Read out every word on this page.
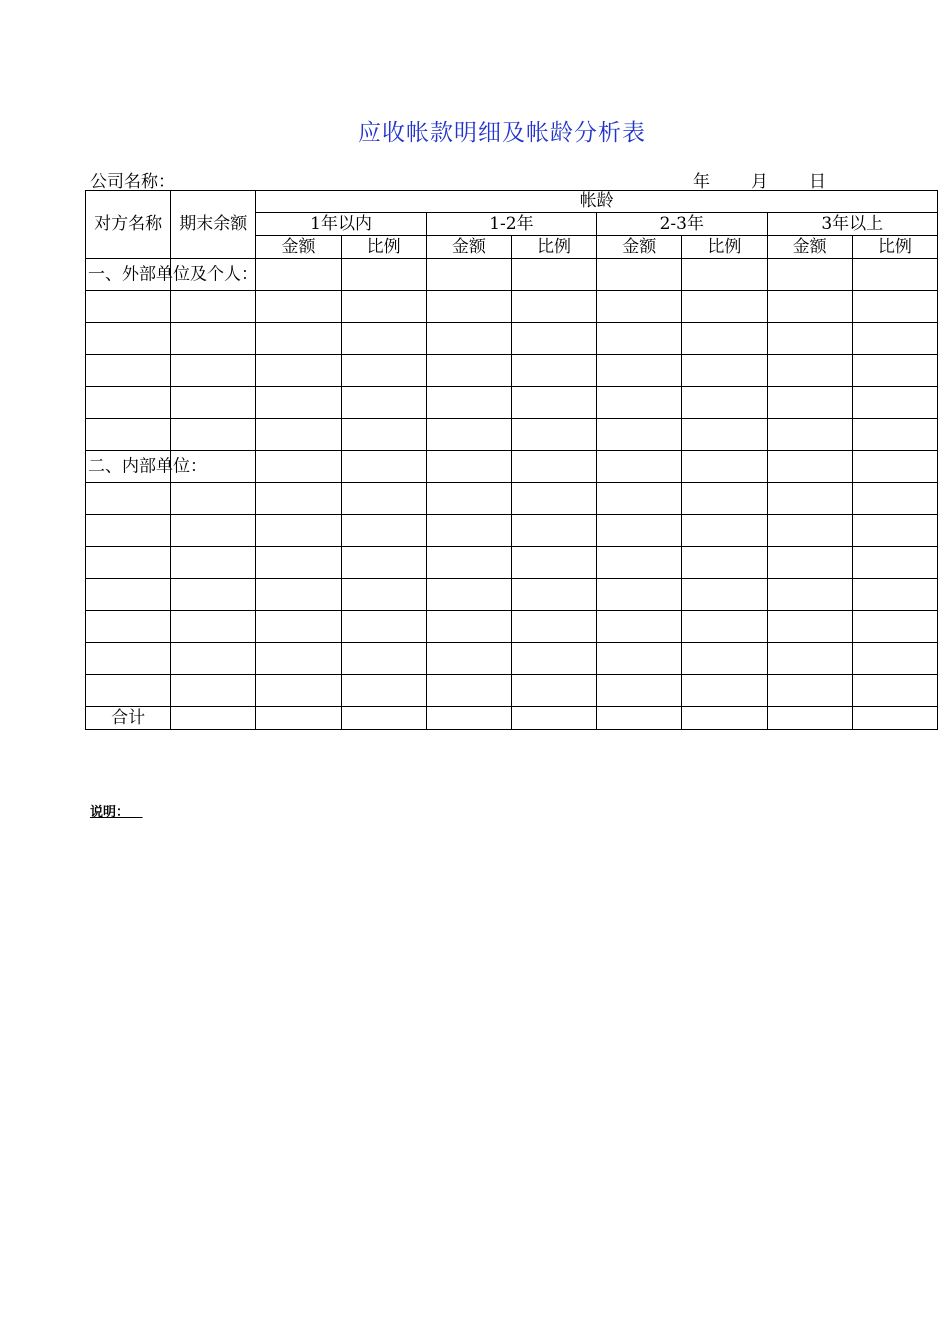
应收帐款明细及帐龄分析表
公司名称：	年 月 日
对方名称	期末余额	帐龄							
		1年以内		1-2年		2-3年		3年以上	
		金额	比例	金额	比例	金额	比例	金额	比例

一、外部单位及个人：									

二、内部单位：									

合计									
说明：
